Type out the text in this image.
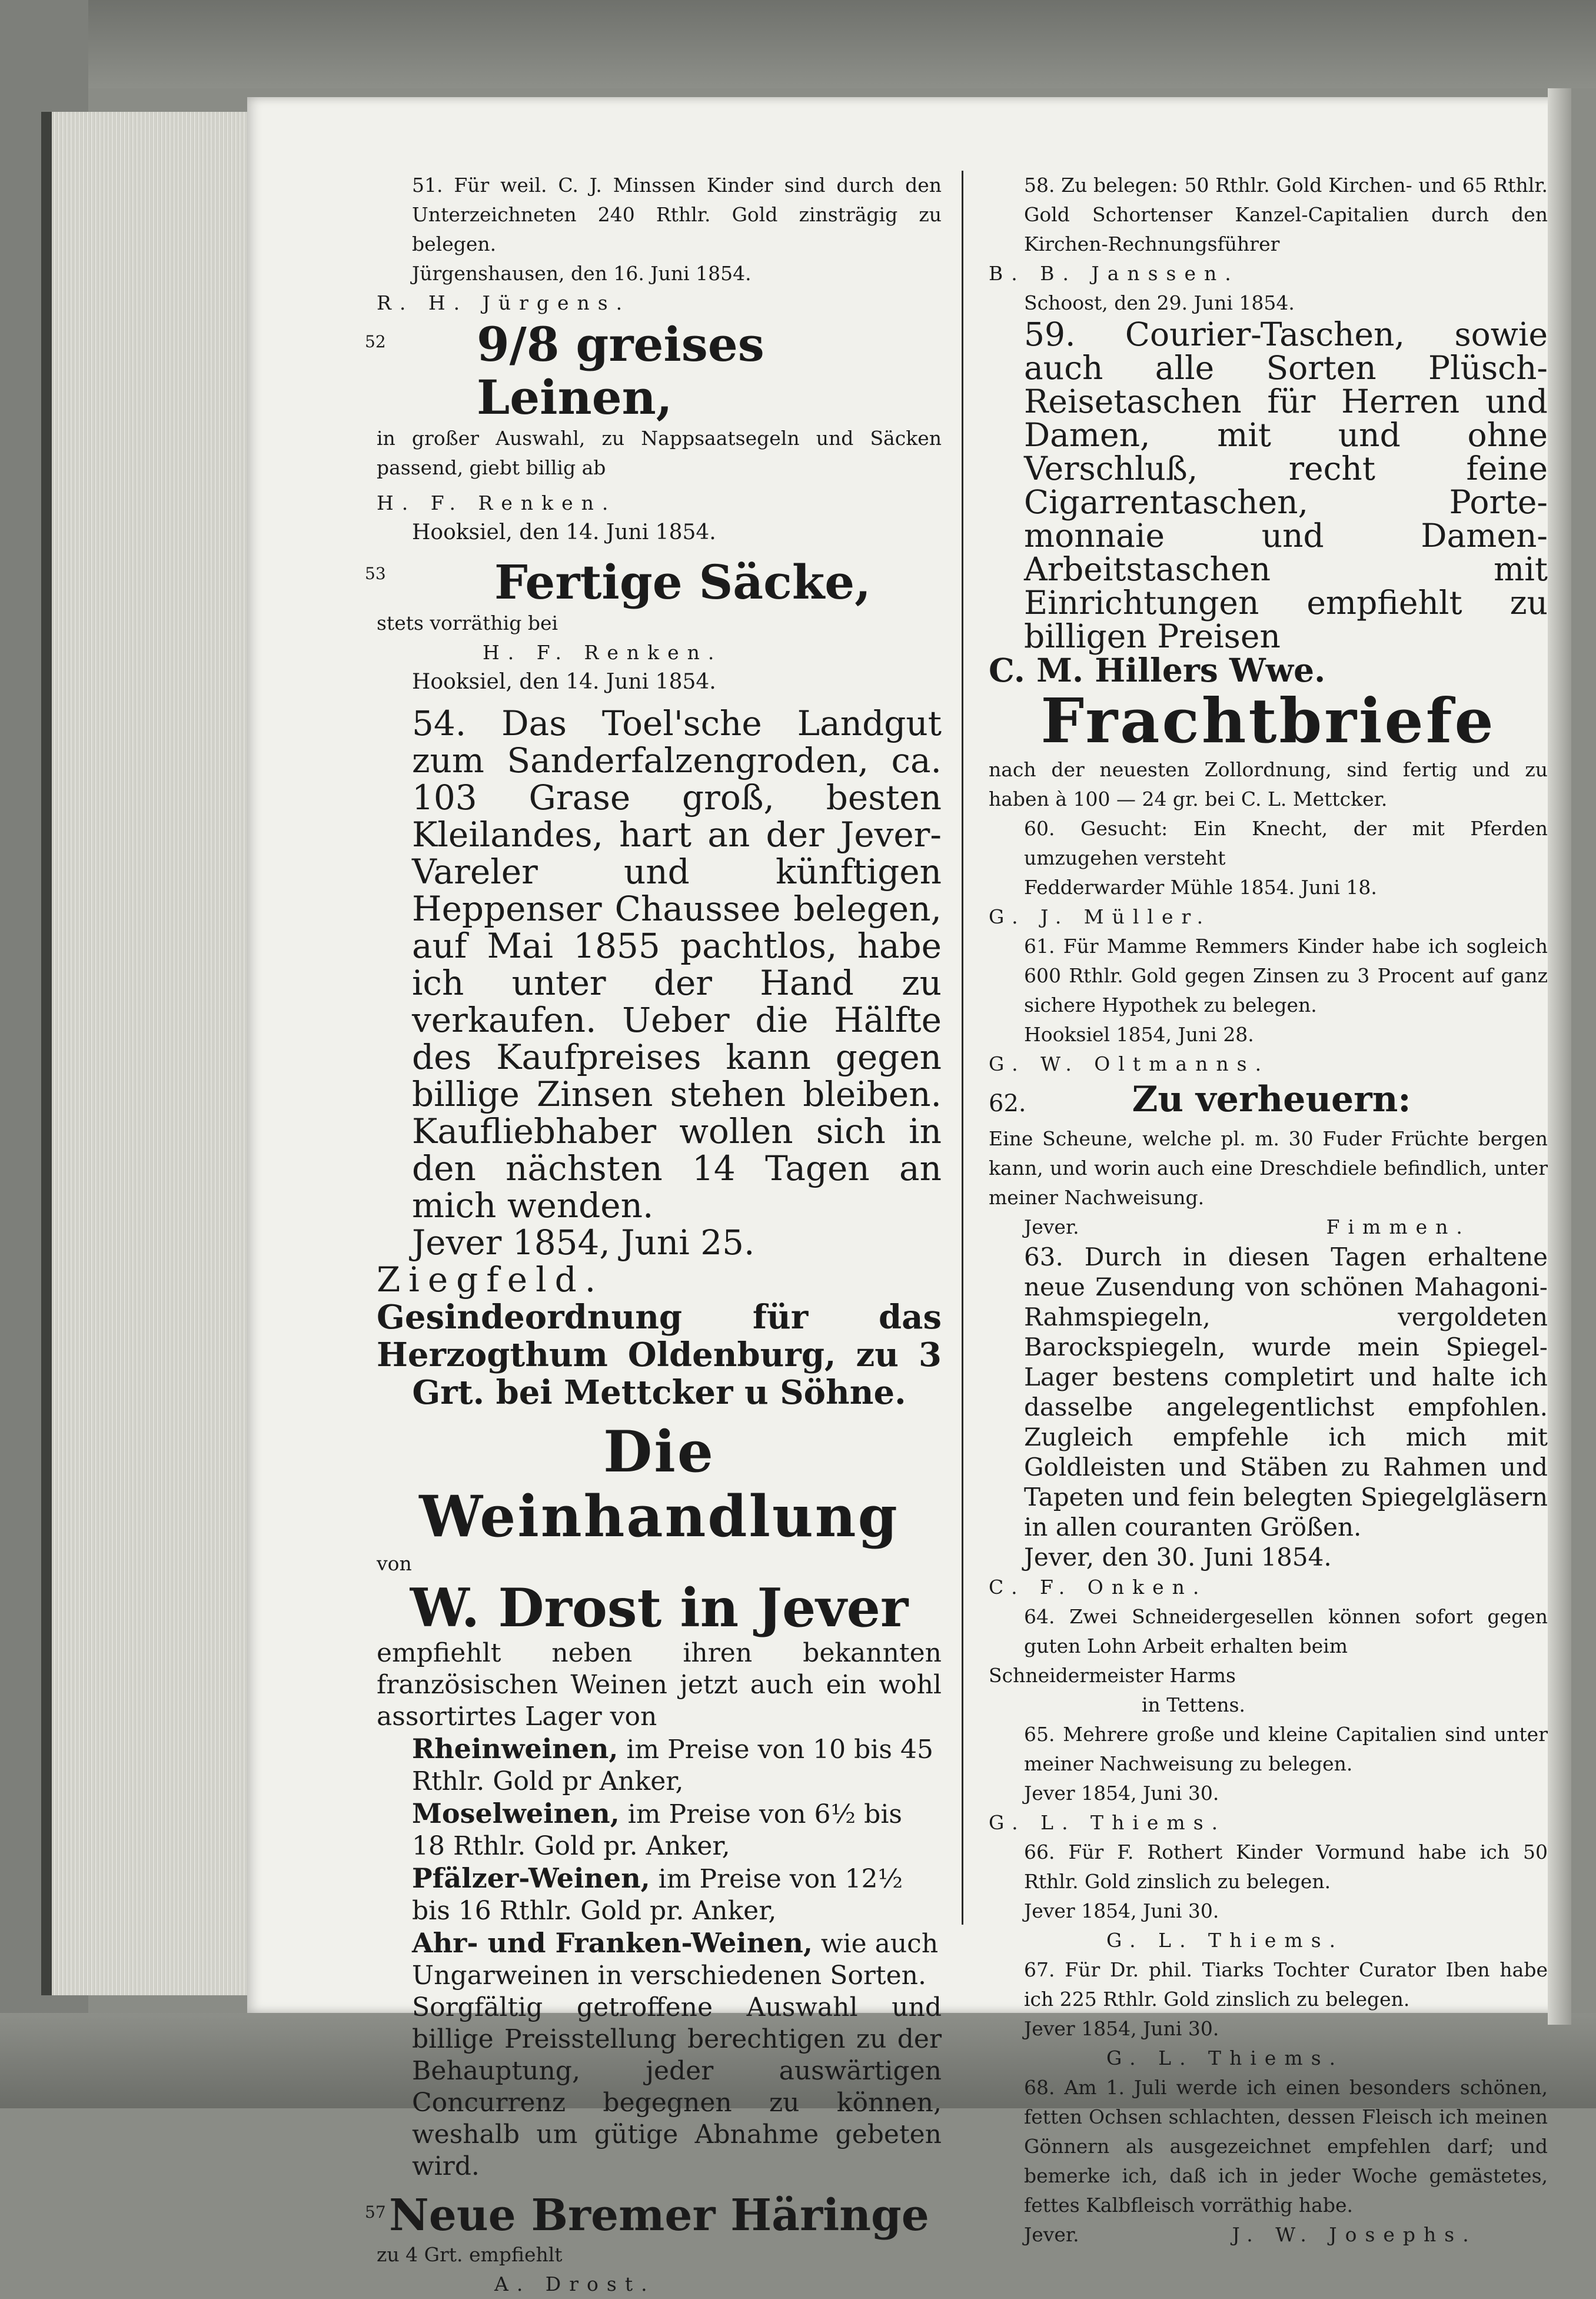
51. Für weil. C. J. Minssen Kinder sind durch den Unterzeichneten 240 Rthlr. Gold zinsträgig zu belegen.

Jürgenshausen, den 16. Juni 1854.

R. H. Jürgens.

52	9/8 greises Leinen,

in großer Auswahl, zu Nappsaatsegeln und Säcken passend, giebt billig ab

H. F. Renken.

Hooksiel, den 14. Juni 1854.

53	Fertige Säcke,

stets vorräthig bei

H. F. Renken.

Hooksiel, den 14. Juni 1854.

54. Das Toel'sche Landgut zum Sanderfalzengroden, ca. 103 Grase groß, besten Kleilandes, hart an der Jever-Vareler und künftigen Heppenser Chaussee belegen, auf Mai 1855 pachtlos, habe ich unter der Hand zu verkaufen. Ueber die Hälfte des Kaufpreises kann gegen billige Zinsen stehen bleiben. Kaufliebhaber wollen sich in den nächsten 14 Tagen an mich wenden.

Jever 1854, Juni 25.

Ziegfeld.

Gesindeordnung für das Herzogthum Oldenburg, zu 3 Grt. bei Mettcker u Söhne.

Die Weinhandlung

von

W. Drost in Jever

empfiehlt neben ihren bekannten französischen Weinen jetzt auch ein wohl assortirtes Lager von

Rheinweinen, im Preise von 10 bis 45 Rthlr. Gold pr Anker,

Moselweinen, im Preise von 6½ bis 18 Rthlr. Gold pr. Anker,

Pfälzer-Weinen, im Preise von 12½ bis 16 Rthlr. Gold pr. Anker,

Ahr- und Franken-Weinen, wie auch Ungarweinen in verschiedenen Sorten.

Sorgfältig getroffene Auswahl und billige Preisstellung berechtigen zu der Behauptung, jeder auswärtigen Concurrenz begegnen zu können, weshalb um gütige Abnahme gebeten wird.

57 Neue Bremer Häringe

zu 4 Grt. empfiehlt

A. Drost.

58. Zu belegen: 50 Rthlr. Gold Kirchen- und 65 Rthlr. Gold Schortenser Kanzel-Capitalien durch den Kirchen-Rechnungsführer

B. B. Janssen.

Schoost, den 29. Juni 1854.

59. Courier-Taschen, sowie auch alle Sorten Plüsch-Reisetaschen für Herren und Damen, mit und ohne Verschluß, recht feine Cigarrentaschen, Porte-monnaie und Damen-Arbeitstaschen mit Einrichtungen empfiehlt zu billigen Preisen

C. M. Hillers Wwe.

Frachtbriefe

nach der neuesten Zollordnung, sind fertig und zu haben à 100 — 24 gr. bei C. L. Mettcker.

60. Gesucht: Ein Knecht, der mit Pferden umzugehen versteht

Fedderwarder Mühle 1854. Juni 18.

G. J. Müller.

61. Für Mamme Remmers Kinder habe ich sogleich 600 Rthlr. Gold gegen Zinsen zu 3 Procent auf ganz sichere Hypothek zu belegen.

Hooksiel 1854, Juni 28.

G. W. Oltmanns.

62.	Zu verheuern:

Eine Scheune, welche pl. m. 30 Fuder Früchte bergen kann, und worin auch eine Dreschdiele befindlich, unter meiner Nachweisung.

Jever.	Fimmen.

63. Durch in diesen Tagen erhaltene neue Zusendung von schönen Mahagoni-Rahmspiegeln, vergoldeten Barockspiegeln, wurde mein Spiegel-Lager bestens completirt und halte ich dasselbe angelegentlichst empfohlen. Zugleich empfehle ich mich mit Goldleisten und Stäben zu Rahmen und Tapeten und fein belegten Spiegelgläsern in allen couranten Größen.

Jever, den 30. Juni 1854.

C. F. Onken.

64. Zwei Schneidergesellen können sofort gegen guten Lohn Arbeit erhalten beim

Schneidermeister Harms

in Tettens.

65. Mehrere große und kleine Capitalien sind unter meiner Nachweisung zu belegen.

Jever 1854, Juni 30.

G. L. Thiems.

66. Für F. Rothert Kinder Vormund habe ich 50 Rthlr. Gold zinslich zu belegen.

Jever 1854, Juni 30.

G. L. Thiems.

67. Für Dr. phil. Tiarks Tochter Curator Iben habe ich 225 Rthlr. Gold zinslich zu belegen.

Jever 1854, Juni 30.

G. L. Thiems.

68. Am 1. Juli werde ich einen besonders schönen, fetten Ochsen schlachten, dessen Fleisch ich meinen Gönnern als ausgezeichnet empfehlen darf; und bemerke ich, daß ich in jeder Woche gemästetes, fettes Kalbfleisch vorräthig habe.

Jever.	J. W. Josephs.
